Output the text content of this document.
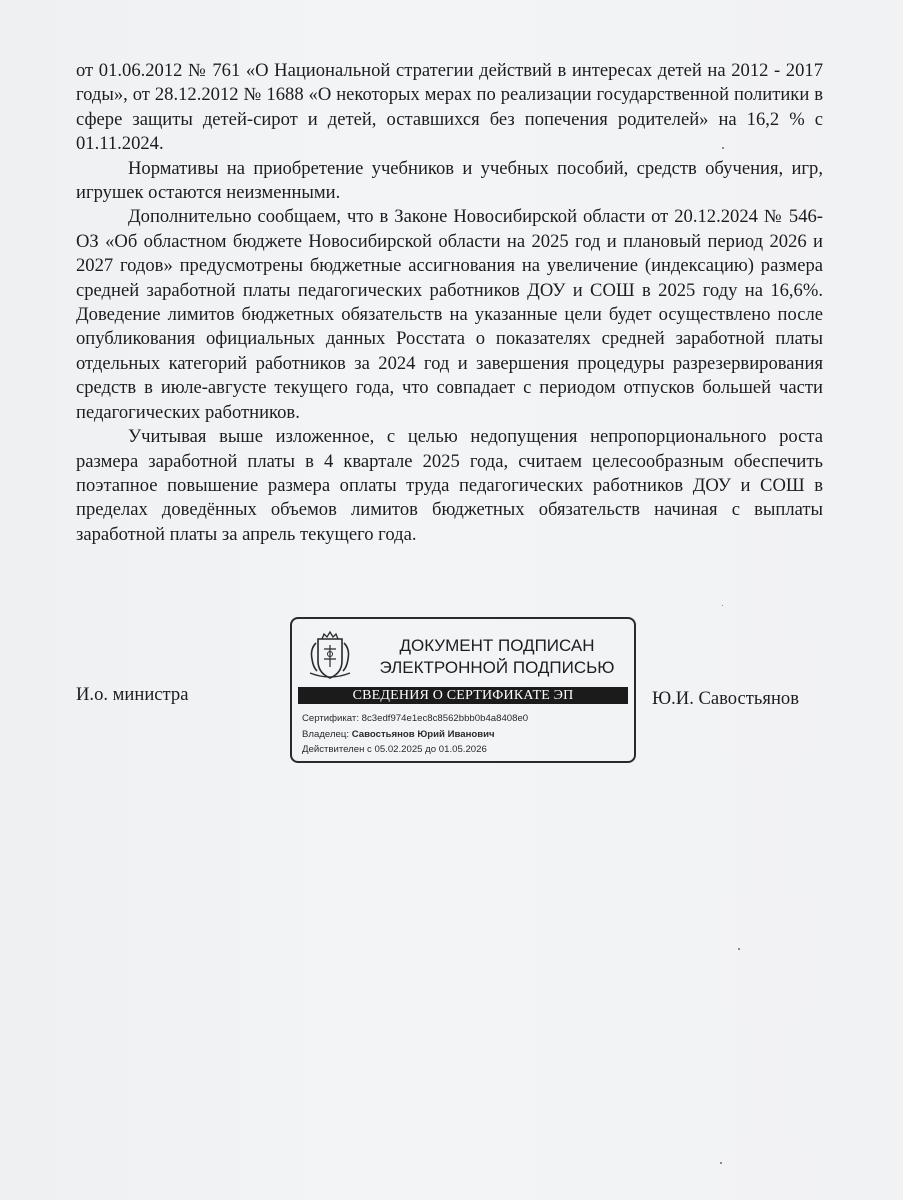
от 01.06.2012 № 761 «О Национальной стратегии действий в интересах детей на 2012 - 2017 годы», от 28.12.2012 № 1688 «О некоторых мерах по реализации государственной политики в сфере защиты детей-сирот и детей, оставшихся без попечения родителей» на 16,2 % с 01.11.2024.

Нормативы на приобретение учебников и учебных пособий, средств обучения, игр, игрушек остаются неизменными.

Дополнительно сообщаем, что в Законе Новосибирской области от 20.12.2024 № 546-ОЗ «Об областном бюджете Новосибирской области на 2025 год и плановый период 2026 и 2027 годов» предусмотрены бюджетные ассигнования на увеличение (индексацию) размера средней заработной платы педагогических работников ДОУ и СОШ в 2025 году на 16,6%. Доведение лимитов бюджетных обязательств на указанные цели будет осуществлено после опубликования официальных данных Росстата о показателях средней заработной платы отдельных категорий работников за 2024 год и завершения процедуры разрезервирования средств в июле-августе текущего года, что совпадает с периодом отпусков большей части педагогических работников.

Учитывая выше изложенное, с целью недопущения непропорционального роста размера заработной платы в 4 квартале 2025 года, считаем целесообразным обеспечить поэтапное повышение размера оплаты труда педагогических работников ДОУ и СОШ в пределах доведённых объемов лимитов бюджетных обязательств начиная с выплаты заработной платы за апрель текущего года.

И.о. министра
ДОКУМЕНТ ПОДПИСАН
ЭЛЕКТРОННОЙ ПОДПИСЬЮ
СВЕДЕНИЯ О СЕРТИФИКАТЕ ЭП
Сертификат: 8c3edf974e1ec8c8562bbb0b4a8408e0
Владелец: Савостьянов Юрий Иванович
Действителен с 05.02.2025 до 01.05.2026
Ю.И. Савостьянов
